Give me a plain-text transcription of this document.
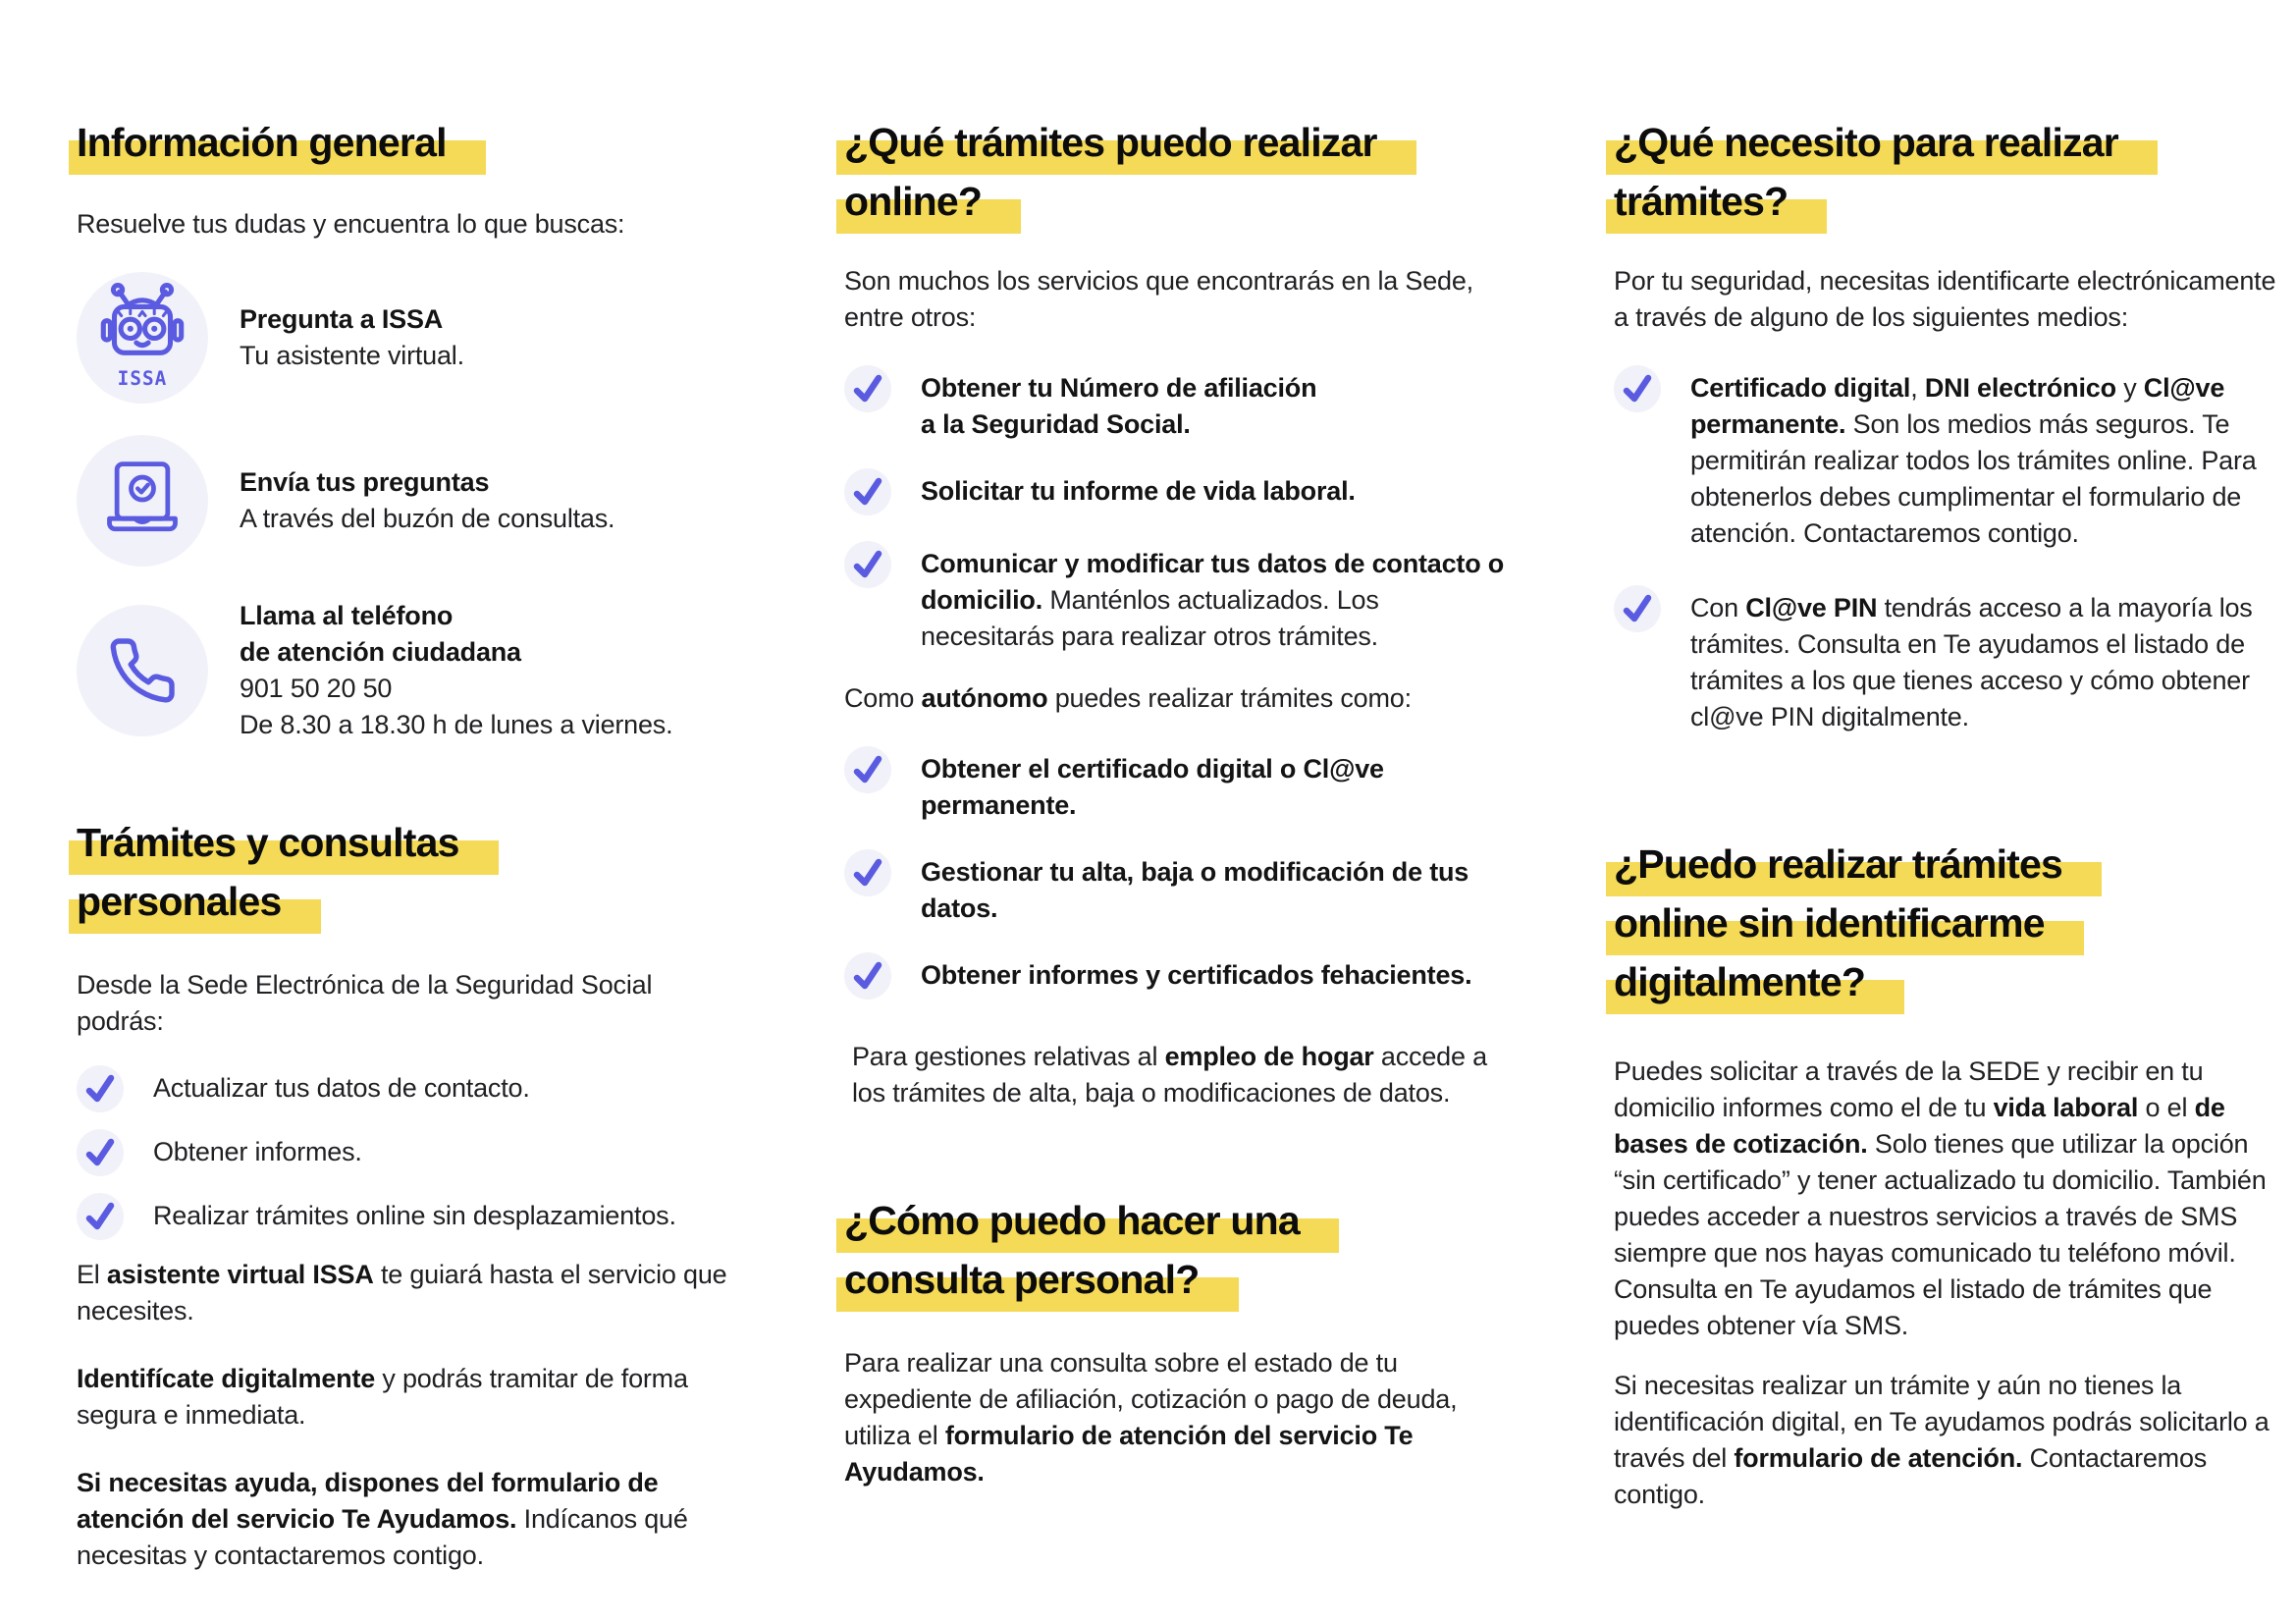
Información general

Resuelve tus dudas y encuentra lo que buscas:

ISSA
Pregunta a ISSA
Tu asistente virtual.
Envía tus preguntas
A través del buzón de consultas.
Llama al teléfono
de atención ciudadana
901 50 20 50
De 8.30 a 18.30 h de lunes a viernes.
Trámites y consultas
personales

Desde la Sede Electrónica de la Seguridad Social podrás:

Actualizar tus datos de contacto.
Obtener informes.
Realizar trámites online sin desplazamientos.

El asistente virtual ISSA te guiará hasta el servicio que necesites.

Identifícate digitalmente y podrás tramitar de forma segura e inmediata.

Si necesitas ayuda, dispones del formulario de atención del servicio Te Ayudamos. Indícanos qué necesitas y contactaremos contigo.

¿Qué trámites puedo realizar
online?

Son muchos los servicios que encontrarás en la Sede, entre otros:

Obtener tu Número de afiliación
a la Seguridad Social.
Solicitar tu informe de vida laboral.
Comunicar y modificar tus datos de contacto o domicilio. Manténlos actualizados. Los necesitarás para realizar otros trámites.

Como autónomo puedes realizar trámites como:

Obtener el certificado digital o Cl@ve permanente.
Gestionar tu alta, baja o modificación de tus datos.
Obtener informes y certificados fehacientes.

Para gestiones relativas al empleo de hogar accede a los trámites de alta, baja o modificaciones de datos.

¿Cómo puedo hacer una
consulta personal?

Para realizar una consulta sobre el estado de tu expediente de afiliación, cotización o pago de deuda, utiliza el formulario de atención del servicio Te Ayudamos.

¿Qué necesito para realizar
trámites?

Por tu seguridad, necesitas identificarte electrónicamente a través de alguno de los siguientes medios:

Certificado digital, DNI electrónico y Cl@ve permanente. Son los medios más seguros. Te permitirán realizar todos los trámites online. Para obtenerlos debes cumplimentar el formulario de atención. Contactaremos contigo.
Con Cl@ve PIN tendrás acceso a la mayoría los trámites. Consulta en Te ayudamos el listado de trámites a los que tienes acceso y cómo obtener cl@ve PIN digitalmente.
¿Puedo realizar trámites
online sin identificarme
digitalmente?

Puedes solicitar a través de la SEDE y recibir en tu domicilio informes como el de tu vida laboral o el de bases de cotización. Solo tienes que utilizar la opción “sin certificado” y tener actualizado tu domicilio. También puedes acceder a nuestros servicios a través de SMS siempre que nos hayas comunicado tu teléfono móvil. Consulta en Te ayudamos el listado de trámites que puedes obtener vía SMS.

Si necesitas realizar un trámite y aún no tienes la identificación digital, en Te ayudamos podrás solicitarlo a través del formulario de atención. Contactaremos contigo.
